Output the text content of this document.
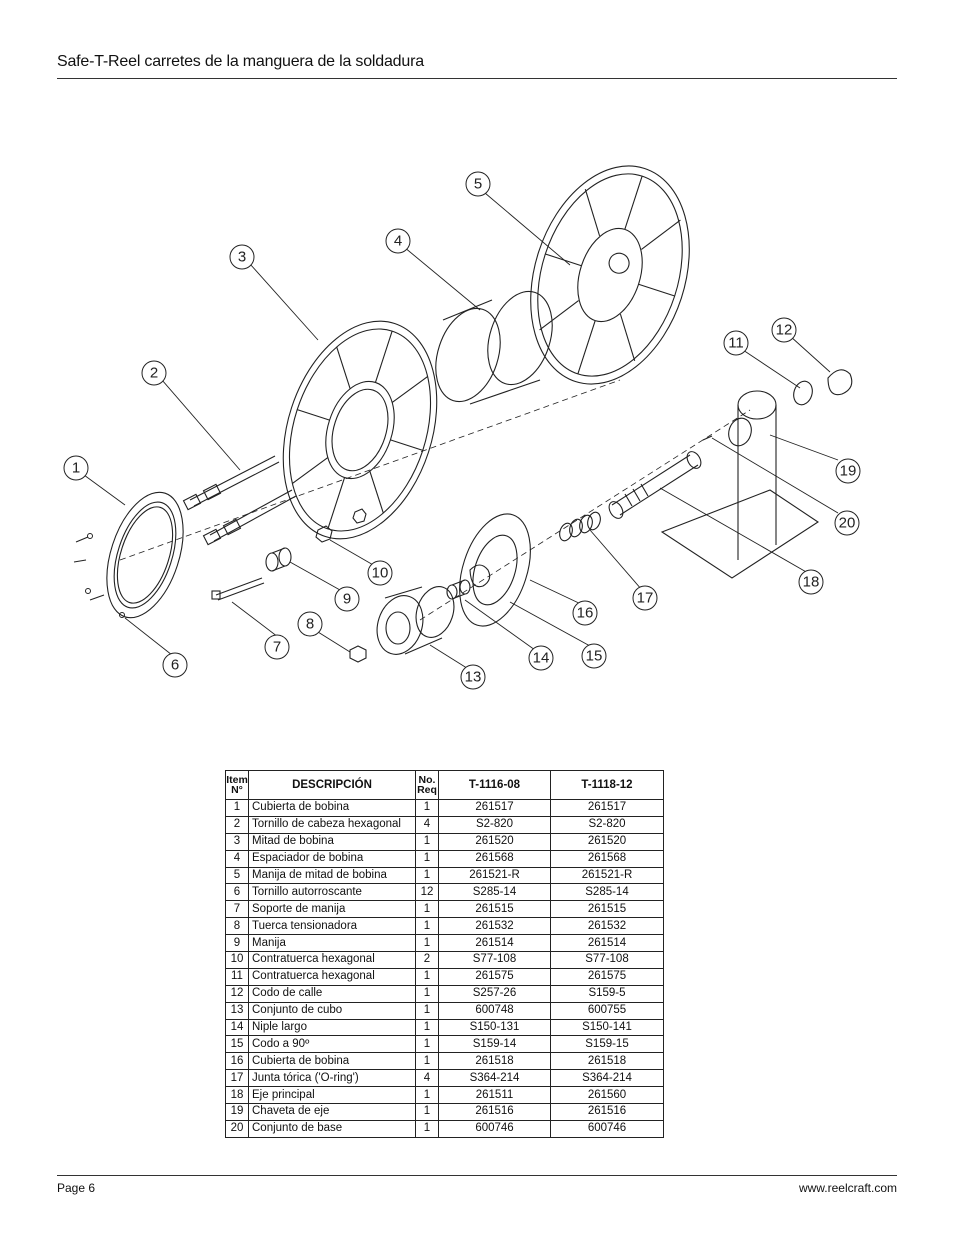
Safe-T-Reel carretes de la manguera de la soldadura
1
2
3
4
5
6
7
8
9
10
11
12
13
14 15
16
17
18
20
19
Item N°	DESCRIPCIÓN	No. Req	T-1116-08	T-1118-12
1	Cubierta de bobina	1	261517	261517
2	Tornillo de cabeza hexagonal	4	S2-820	S2-820
3	Mitad de bobina	1	261520	261520
4	Espaciador de bobina	1	261568	261568
5	Manija de mitad de bobina	1	261521-R	261521-R
6	Tornillo autorroscante	12	S285-14	S285-14
7	Soporte de manija	1	261515	261515
8	Tuerca tensionadora	1	261532	261532
9	Manija	1	261514	261514
10	Contratuerca hexagonal	2	S77-108	S77-108
11	Contratuerca hexagonal	1	261575	261575
12	Codo de calle	1	S257-26	S159-5
13	Conjunto de cubo	1	600748	600755
14	Niple largo	1	S150-131	S150-141
15	Codo a 90º	1	S159-14	S159-15
16	Cubierta de bobina	1	261518	261518
17	Junta tórica ('O-ring')	4	S364-214	S364-214
18	Eje principal	1	261511	261560
19	Chaveta de eje	1	261516	261516
20	Conjunto de base	1	600746	600746
Page 6	www.reelcraft.com
